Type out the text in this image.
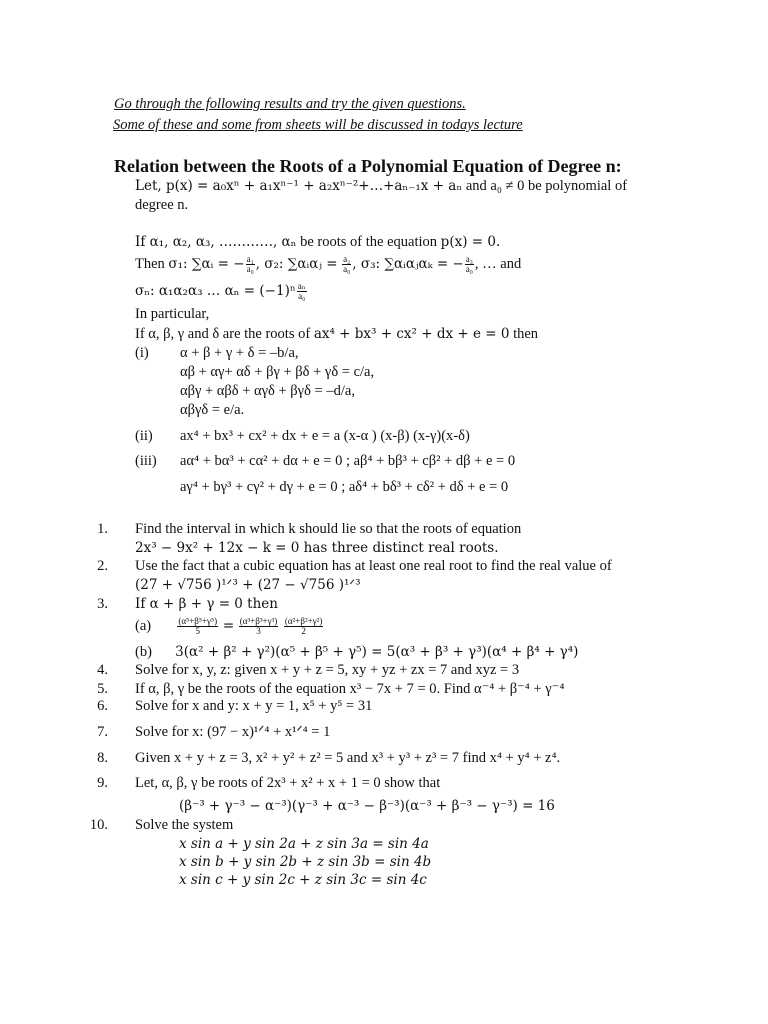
Go through the following results and try the given questions.
Some of these and some from sheets will be discussed in todays lecture
Relation between the Roots of a Polynomial Equation of Degree n:
Let, p(x) = a₀xⁿ + a₁xⁿ⁻¹ + a₂xⁿ⁻²+…+aₙ₋₁x + aₙ and a₀ ≠ 0 be polynomial of
degree n.
If α₁, α₂, α₃, …………, αₙ be roots of the equation p(x) = 0.
Then σ₁: ∑αᵢ = − $\frac{\text{a₁}}{\text{a₀}}$ , σ₂: ∑αᵢαⱼ = $\frac{\text{a₂}}{\text{a₀}}$ , σ₃: ∑αᵢαⱼαₖ = − $\frac{\text{a₃}}{\text{a₀}}$ , … and
σₙ: α₁α₂α₃ … $\alpha_n = (-1)^n \frac{\text{aₙ}}{\text{a₀}}$
In particular,
If α, β, γ and δ are the roots of ax⁴ + bx³ + cx² + dx + e = 0 then
(i) α + β + γ + δ = –b/a,
αβ + αγ+ αδ + βγ + βδ + γδ = c/a,
αβγ + αβδ + αγδ + βγδ = –d/a,
αβγδ = e/a.
(ii) ax⁴ + bx³ + cx² + dx + e = a (x-α ) (x-β) (x-γ)(x-δ)
(iii) aα⁴ + bα³ + cα² + dα + e = 0 ; aβ⁴ + bβ³ + cβ² + dβ + e = 0
aγ⁴ + bγ³ + cγ² + dγ + e = 0 ; aδ⁴ + bδ³ + cδ² + dδ + e = 0
1. Find the interval in which k should lie so that the roots of equation
2x³ − 9x² + 12x − k = 0 has three distinct real roots.
2. Use the fact that a cubic equation has at least one real root to find the real value of
(27 + √756 )¹ᐟ³ + (27 − √756 )¹ᐟ³
3. If α + β + γ = 0 then
(a)	$\frac{\text{(α⁵+β⁵+γ⁵)}}{5} = \frac{\text{(α³+β³+γ³)}}{3}$
$\frac{\text{(α²+β²+γ²)}}{2}$
(b) 3(α² + β² + γ²)(α⁵ + β⁵ + γ⁵) = 5(α³ + β³ + γ³)(α⁴ + β⁴ + γ⁴)
4. Solve for x, y, z: given x + y + z = 5, xy + yz + zx = 7 and xyz = 3
5. If α, β, γ be the roots of the equation x³ − 7x + 7 = 0. Find α⁻⁴ + β⁻⁴ + γ⁻⁴
6. Solve for x and y: x + y = 1, x⁵ + y⁵ = 31
7. Solve for x: (97 − x)¹ᐟ⁴ + x¹ᐟ⁴ = 1
8. Given x + y + z = 3, x² + y² + z² = 5 and x³ + y³ + z³ = 7 find x⁴ + y⁴ + z⁴.
9. Let, α, β, γ be roots of 2x³ + x² + x + 1 = 0 show that
(β⁻³ + γ⁻³ − α⁻³)(γ⁻³ + α⁻³ − β⁻³)(α⁻³ + β⁻³ − γ⁻³) = 16
10. Solve the system
x sin a + y sin 2a + z sin 3a = sin 4a
x sin b + y sin 2b + z sin 3b = sin 4b
x sin c + y sin 2c + z sin 3c = sin 4c
